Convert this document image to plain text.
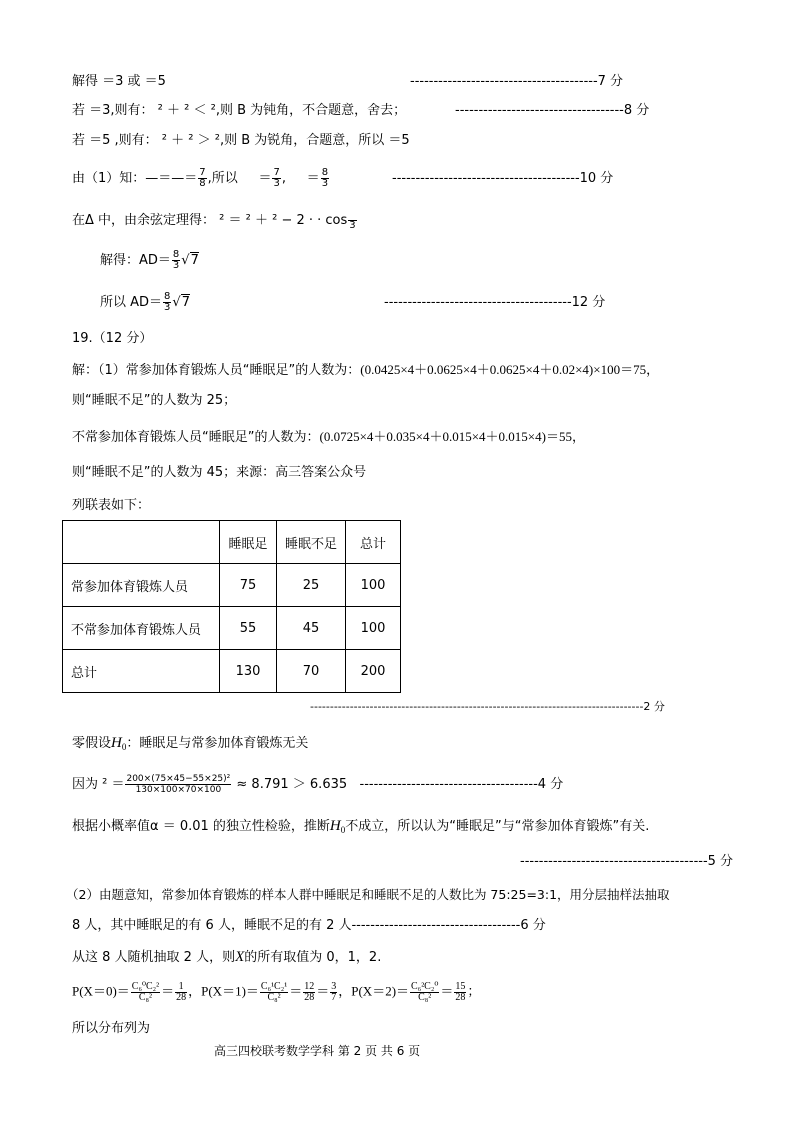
解得 ＝3 或 ＝5	----------------------------------------7 分
若 ＝3,则有： ² ＋ ² ＜ ²,则 B 为钝角，不合题意，舍去；	------------------------------------8 分
若 ＝5 ,则有： ² ＋ ² ＞ ²,则 B 为锐角，合题意，所以 ＝5
由（1）知：—＝—＝ $\frac{7}{8}$ ,所以 ＝ $\frac{7}{3}$ , ＝ $\frac{8}{3}$	----------------------------------------10 分
在Δ 中，由余弦定理得： ² ＝ ² ＋ ² − 2 · · cos
3
解得：$AD= \frac{8}{3} √7$
所以 $AD= \frac{8}{3} √7$	----------------------------------------12 分
19.（12 分）
解：（1）常参加体育锻炼人员“睡眠足”的人数为：(0.0425×4＋0.0625×4＋0.0625×4＋0.02×4)×100＝75，
则“睡眠不足”的人数为 25；
不常参加体育锻炼人员“睡眠足”的人数为：(0.0725×4＋0.035×4＋0.015×4＋0.015×4)＝55，
则“睡眠不足”的人数为 45；来源：高三答案公众号
列联表如下：
	睡眠足	睡眠不足	总计
常参加体育锻炼人员	75	25	100
不常参加体育锻炼人员	55	45	100
总计	130	70	200
------------------------------------------------------------------------------------2 分
零假设$H_0$：睡眠足与常参加体育锻炼无关
因为 $^2 = \frac{\text{200×(75×45−55×25)²}}{130\times 100\times 70\times 100} \approx 8.791 > 6.635$ --------------------------------------4 分
根据小概率值α ＝ 0.01 的独立性检验，推断$H_0$不成立，所以认为“睡眠足”与“常参加体育锻炼”有关.
----------------------------------------5 分
（2）由题意知，常参加体育锻炼的样本人群中睡眠足和睡眠不足的人数比为 75:25=3:1，用分层抽样法抽取
8 人，其中睡眠足的有 6 人，睡眠不足的有 2 人------------------------------------6 分
从这 8 人随机抽取 2 人，则X的所有取值为 0，1，2.
$P(X=0)= \frac{\text{C₆⁰C₂²}}{\text{C₈²}} = \frac{1}{28}$ ，$P(X=1)= \frac{\text{C₆¹C₂¹}}{\text{C₈²}} = \frac{12}{28} = \frac{3}{7}$ ，$P(X=2)= \frac{\text{C₆²C₂⁰}}{\text{C₈²}} = \frac{15}{28}$ ；
所以分布列为
高三四校联考数学学科 第 2 页 共 6 页
